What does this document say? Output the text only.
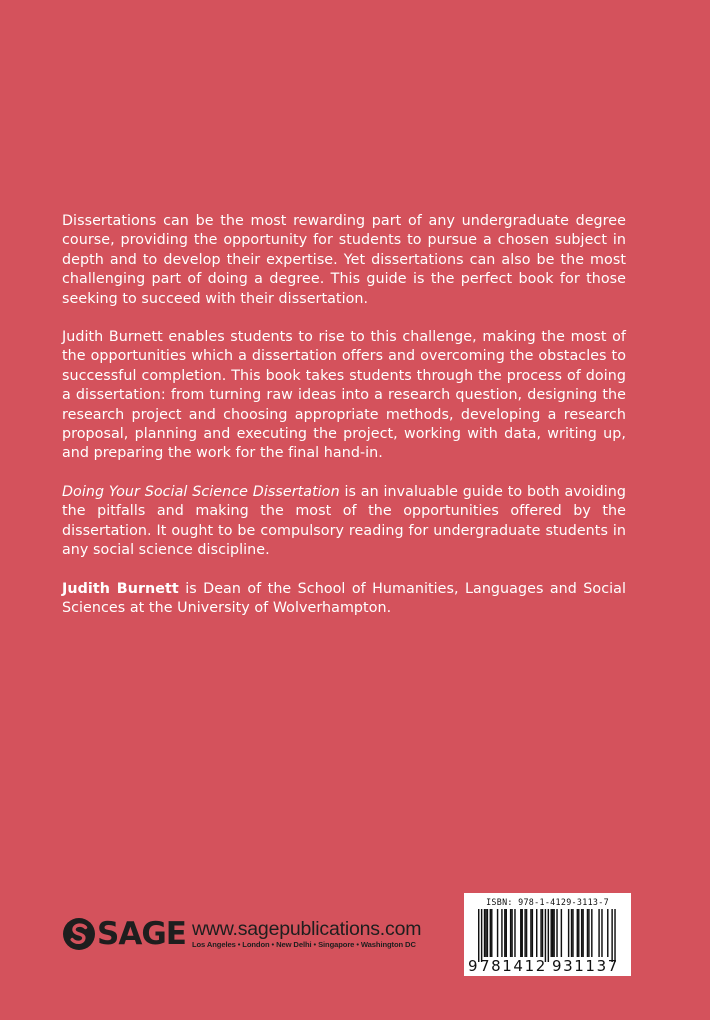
Dissertations can be the most rewarding part of any undergraduate degree course, providing the opportunity for students to pursue a chosen subject in depth and to develop their expertise. Yet dissertations can also be the most challenging part of doing a degree. This guide is the perfect book for those seeking to succeed with their dissertation.

Judith Burnett enables students to rise to this challenge, making the most of the opportunities which a dissertation offers and overcoming the obstacles to successful completion. This book takes students through the process of doing a dissertation: from turning raw ideas into a research question, designing the research project and choosing appropriate methods, developing a research proposal, planning and executing the project, working with data, writing up, and preparing the work for the final hand-in.

Doing Your Social Science Dissertation is an invaluable guide to both avoiding the pitfalls and making the most of the opportunities offered by the dissertation. It ought to be compulsory reading for undergraduate students in any social science discipline.

Judith Burnett is Dean of the School of Humanities, Languages and Social Sciences at the University of Wolverhampton.

SAGE www.sagepublications.com
Los Angeles • London • New Delhi • Singapore • Washington DC
ISBN: 978-1-4129-3113-7
9 781412 931137
